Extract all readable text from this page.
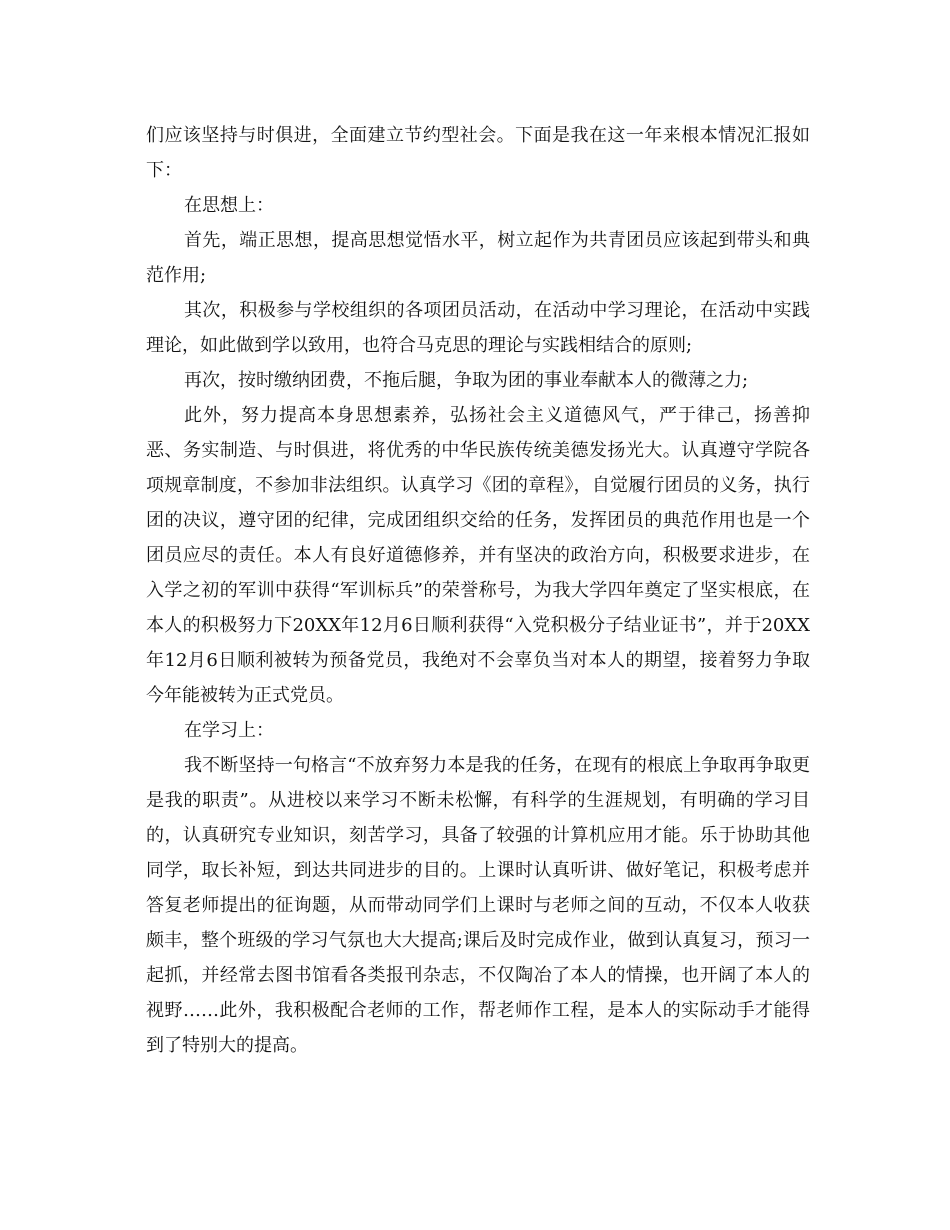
们应该坚持与时俱进，全面建立节约型社会。下面是我在这一年来根本情况汇报如下：

在思想上：

首先，端正思想，提高思想觉悟水平，树立起作为共青团员应该起到带头和典范作用;

其次，积极参与学校组织的各项团员活动，在活动中学习理论，在活动中实践理论，如此做到学以致用，也符合马克思的理论与实践相结合的原则;

再次，按时缴纳团费，不拖后腿，争取为团的事业奉献本人的微薄之力;

此外，努力提高本身思想素养，弘扬社会主义道德风气，严于律己，扬善抑恶、务实制造、与时俱进，将优秀的中华民族传统美德发扬光大。认真遵守学院各项规章制度，不参加非法组织。认真学习《团的章程》，自觉履行团员的义务，执行团的决议，遵守团的纪律，完成团组织交给的任务，发挥团员的典范作用也是一个团员应尽的责任。本人有良好道德修养，并有坚决的政治方向，积极要求进步，在入学之初的军训中获得“军训标兵”的荣誉称号，为我大学四年奠定了坚实根底，在本人的积极努力下20XX年12月6日顺利获得“入党积极分子结业证书”，并于20XX年12月6日顺利被转为预备党员，我绝对不会辜负当对本人的期望，接着努力争取今年能被转为正式党员。

在学习上：

我不断坚持一句格言“不放弃努力本是我的任务，在现有的根底上争取再争取更是我的职责”。从进校以来学习不断未松懈，有科学的生涯规划，有明确的学习目的，认真研究专业知识，刻苦学习，具备了较强的计算机应用才能。乐于协助其他同学，取长补短，到达共同进步的目的。上课时认真听讲、做好笔记，积极考虑并答复老师提出的征询题，从而带动同学们上课时与老师之间的互动，不仅本人收获颇丰，整个班级的学习气氛也大大提高;课后及时完成作业，做到认真复习，预习一起抓，并经常去图书馆看各类报刊杂志，不仅陶冶了本人的情操，也开阔了本人的视野……此外，我积极配合老师的工作，帮老师作工程，是本人的实际动手才能得到了特别大的提高。
